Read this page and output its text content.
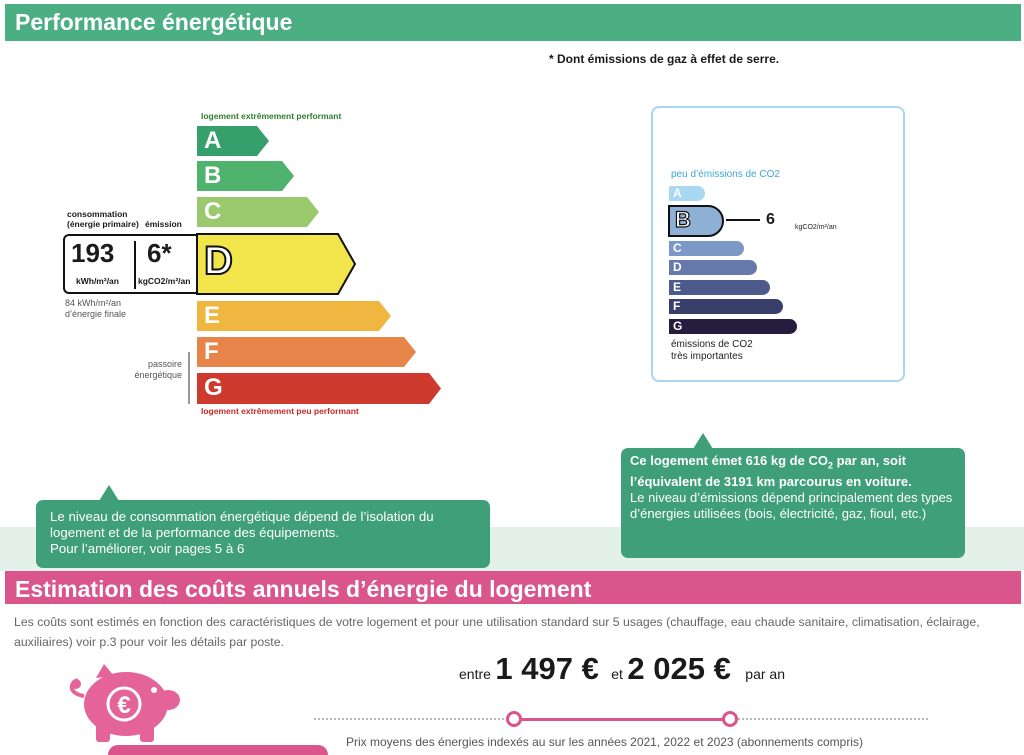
Performance énergétique
* Dont émissions de gaz à effet de serre.
logement extrêmement performant
A
B
C
D
E
F
G
logement extrêmement peu performant
consommation
(énergie primaire) émission
193 6*
kWh/m²/an kgCO2/m²/an
84 kWh/m²/an
d’énergie finale
passoire
énergétique
peu d’émissions de CO2
A
B
C
D
E
F
G
6	kgCO2/m²/an
émissions de CO2
très importantes
Le niveau de consommation énergétique dépend de l’isolation du logement et de la performance des équipements.
Pour l’améliorer, voir pages 5 à 6
Ce logement émet 616 kg de $CO_2$ par an, soit l’équivalent de 3191 km parcourus en voiture.
Le niveau d’émissions dépend principalement des types d’énergies utilisées (bois, électricité, gaz, fioul, etc.)
Estimation des coûts annuels d’énergie du logement
Les coûts sont estimés en fonction des caractéristiques de votre logement et pour une utilisation standard sur 5 usages (chauffage, eau chaude sanitaire, climatisation, éclairage, auxiliaires) voir p.3 pour voir les détails par poste.
entre 1 497 € et 2 025 € par an
Prix moyens des énergies indexés au sur les années 2021, 2022 et 2023 (abonnements compris)
€
